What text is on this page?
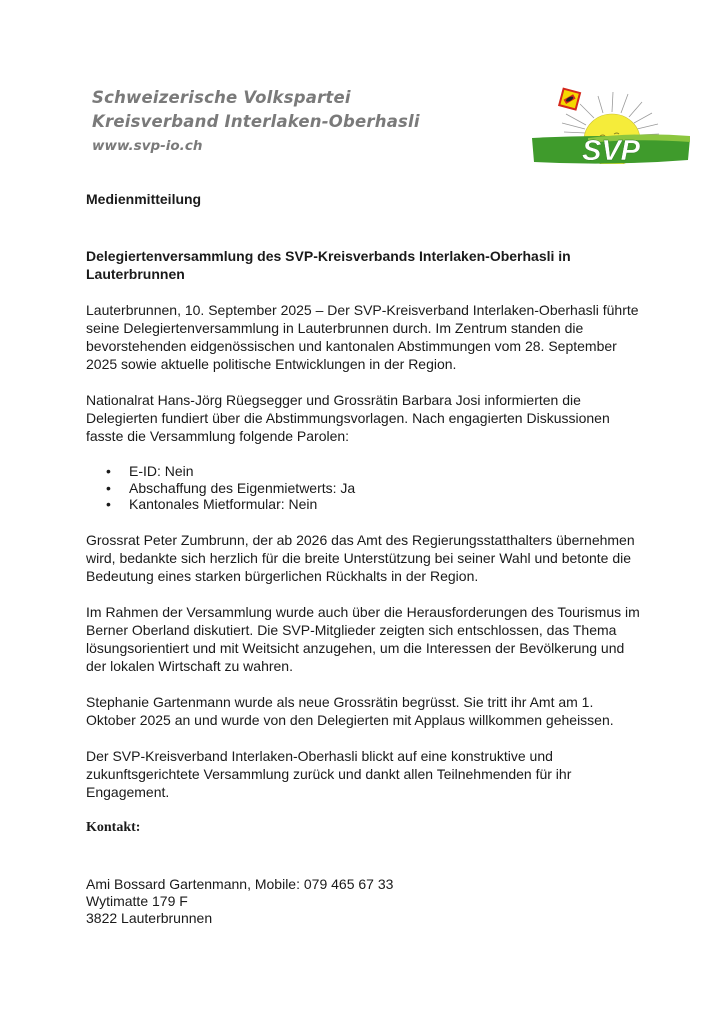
Schweizerische Volkspartei
Kreisverband Interlaken-Oberhasli
www.svp-io.ch	SVP

Medienmitteilung

Delegiertenversammlung des SVP-Kreisverbands Interlaken-Oberhasli in Lauterbrunnen

Lauterbrunnen, 10. September 2025 – Der SVP-Kreisverband Interlaken-Oberhasli führte seine Delegiertenversammlung in Lauterbrunnen durch. Im Zentrum standen die bevorstehenden eidgenössischen und kantonalen Abstimmungen vom 28. September 2025 sowie aktuelle politische Entwicklungen in der Region.

Nationalrat Hans-Jörg Rüegsegger und Grossrätin Barbara Josi informierten die Delegierten fundiert über die Abstimmungsvorlagen. Nach engagierten Diskussionen fasste die Versammlung folgende Parolen:

• E-ID: Nein
• Abschaffung des Eigenmietwerts: Ja
• Kantonales Mietformular: Nein

Grossrat Peter Zumbrunn, der ab 2026 das Amt des Regierungsstatthalters übernehmen wird, bedankte sich herzlich für die breite Unterstützung bei seiner Wahl und betonte die Bedeutung eines starken bürgerlichen Rückhalts in der Region.

Im Rahmen der Versammlung wurde auch über die Herausforderungen des Tourismus im Berner Oberland diskutiert. Die SVP-Mitglieder zeigten sich entschlossen, das Thema lösungsorientiert und mit Weitsicht anzugehen, um die Interessen der Bevölkerung und der lokalen Wirtschaft zu wahren.

Stephanie Gartenmann wurde als neue Grossrätin begrüsst. Sie tritt ihr Amt am 1. Oktober 2025 an und wurde von den Delegierten mit Applaus willkommen geheissen.

Der SVP-Kreisverband Interlaken-Oberhasli blickt auf eine konstruktive und zukunftsgerichtete Versammlung zurück und dankt allen Teilnehmenden für ihr Engagement.

Kontakt:

Ami Bossard Gartenmann, Mobile: 079 465 67 33
Wytimatte 179 F
3822 Lauterbrunnen
